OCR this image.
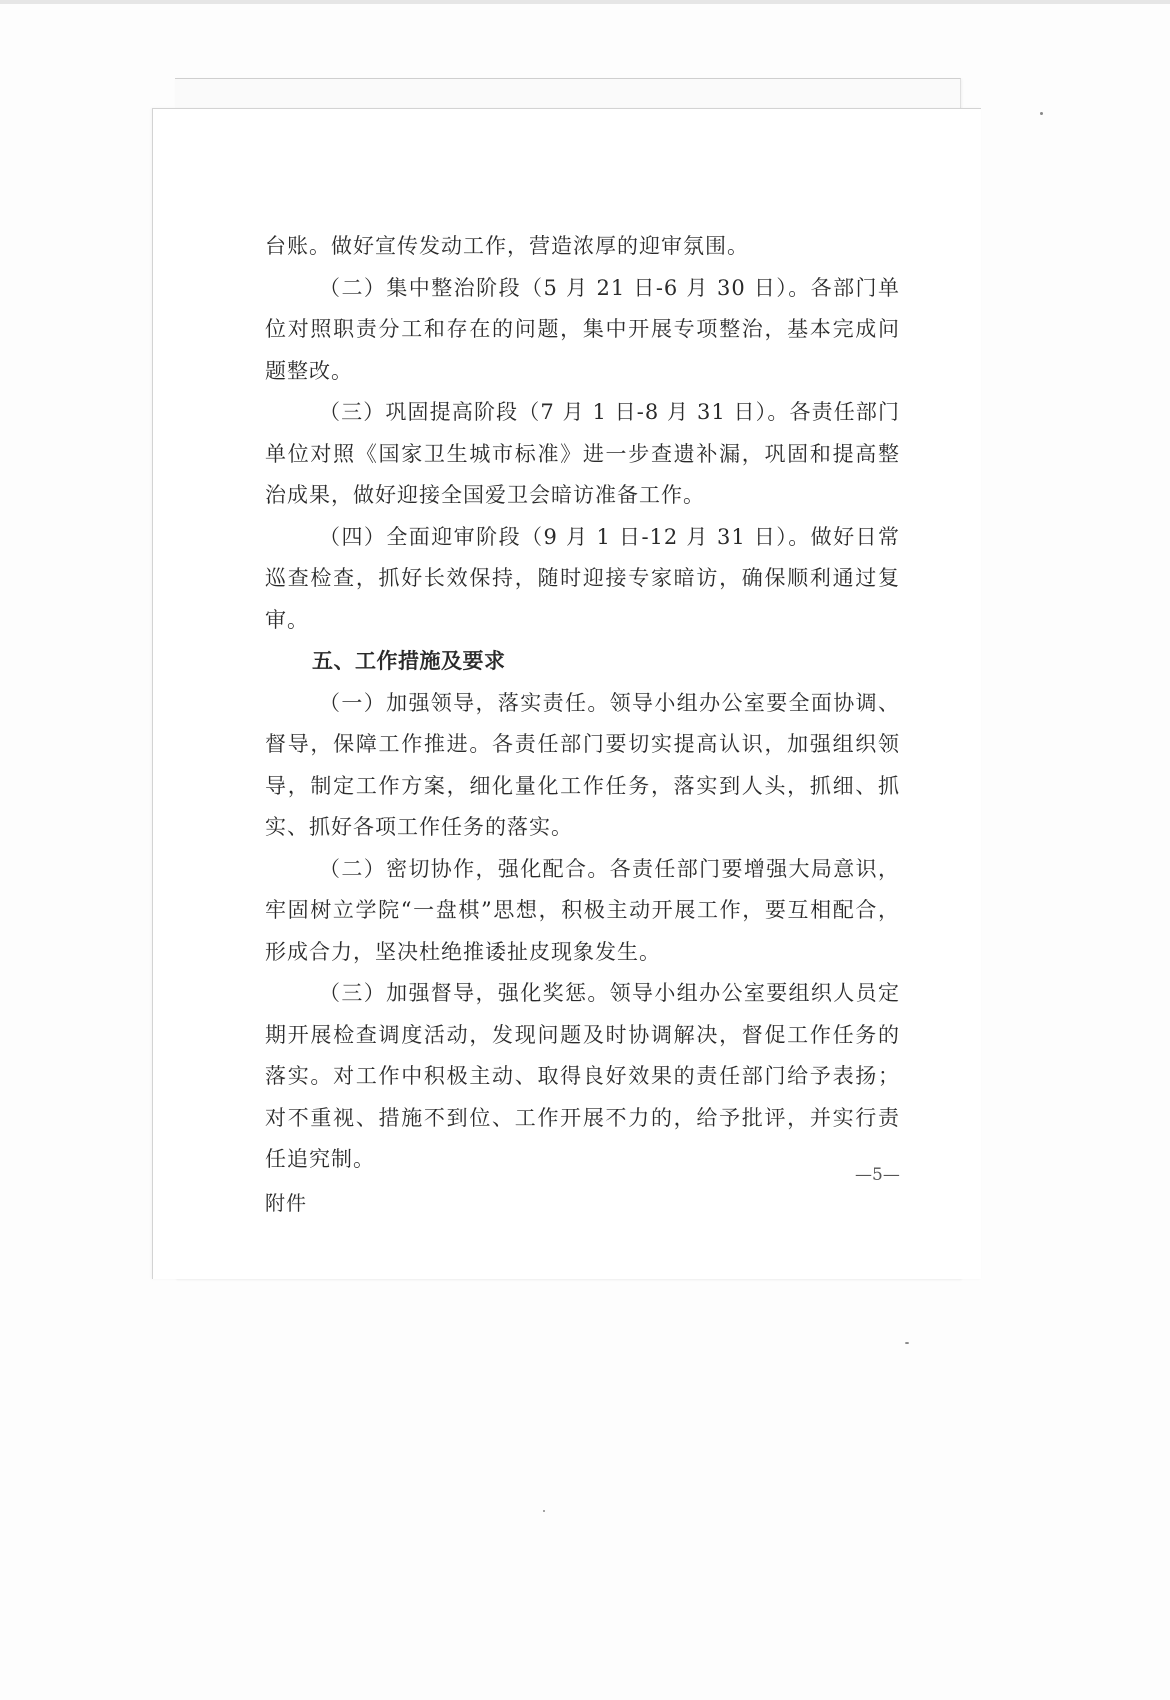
台账。做好宣传发动工作，营造浓厚的迎审氛围。

（二）集中整治阶段（5 月 21 日-6 月 30 日）。各部门单位对照职责分工和存在的问题，集中开展专项整治，基本完成问题整改。

（三）巩固提高阶段（7 月 1 日-8 月 31 日）。各责任部门单位对照《国家卫生城市标准》进一步查遗补漏，巩固和提高整治成果，做好迎接全国爱卫会暗访准备工作。

（四）全面迎审阶段（9 月 1 日-12 月 31 日）。做好日常巡查检查，抓好长效保持，随时迎接专家暗访，确保顺利通过复审。

五、工作措施及要求

（一）加强领导，落实责任。领导小组办公室要全面协调、督导，保障工作推进。各责任部门要切实提高认识，加强组织领导，制定工作方案，细化量化工作任务，落实到人头，抓细、抓实、抓好各项工作任务的落实。

（二）密切协作，强化配合。各责任部门要增强大局意识，牢固树立学院“一盘棋”思想，积极主动开展工作，要互相配合，形成合力，坚决杜绝推诿扯皮现象发生。

（三）加强督导，强化奖惩。领导小组办公室要组织人员定期开展检查调度活动，发现问题及时协调解决，督促工作任务的落实。对工作中积极主动、取得良好效果的责任部门给予表扬；对不重视、措施不到位、工作开展不力的，给予批评，并实行责任追究制。

附件

—5—
